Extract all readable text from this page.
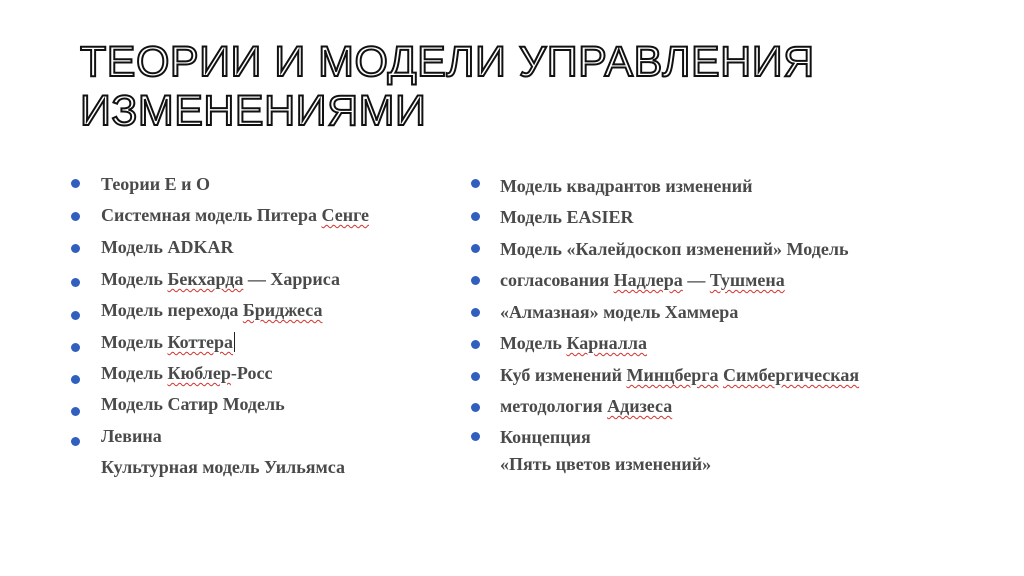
ТЕОРИИ И МОДЕЛИ УПРАВЛЕНИЯ
ИЗМЕНЕНИЯМИ
Теории Е и О
Системная модель Питера Сенге
Модель ADKAR
Модель Бекхарда — Харриса
Модель перехода Бриджеса
Модель Коттера
Модель Кюблер-Росс
Модель Сатир Модель
Левина
Культурная модель Уильямса
Модель квадрантов изменений
Модель EASIER
Модель «Калейдоскоп изменений» Модель
согласования Надлера — Тушмена
«Алмазная» модель Хаммера
Модель Карналла
Куб изменений Минцберга Симбергическая
методология Адизеса
Концепция
«Пять цветов изменений»
